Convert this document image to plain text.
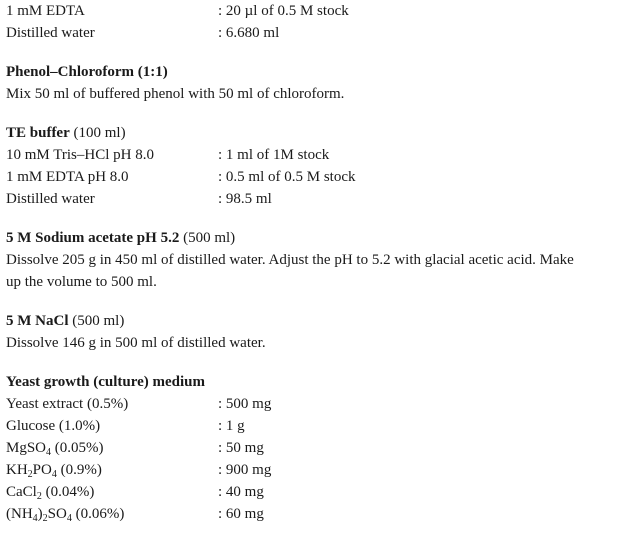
1 mM EDTA	: 20 µl of 0.5 M stock
Distilled water	: 6.680 ml
Phenol–Chloroform (1:1)

Mix 50 ml of buffered phenol with 50 ml of chloroform.

TE buffer (100 ml)
10 mM Tris–HCl pH 8.0	: 1 ml of 1M stock
1 mM EDTA pH 8.0	: 0.5 ml of 0.5 M stock
Distilled water	: 98.5 ml
5 M Sodium acetate pH 5.2 (500 ml)
Dissolve 205 g in 450 ml of distilled water. Adjust the pH to 5.2 with glacial acetic acid. Make
up the volume to 500 ml.
5 M NaCl (500 ml)

Dissolve 146 g in 500 ml of distilled water.

Yeast growth (culture) medium
Yeast extract (0.5%)	: 500 mg
Glucose (1.0%)	: 1 g
MgSO$_4$ (0.05%)	: 50 mg
$KH_2PO_4$ (0.9%)	: 900 mg
CaCl$_2$ (0.04%)	: 40 mg
$(NH_4)_2SO_4$ (0.06%)	: 60 mg
